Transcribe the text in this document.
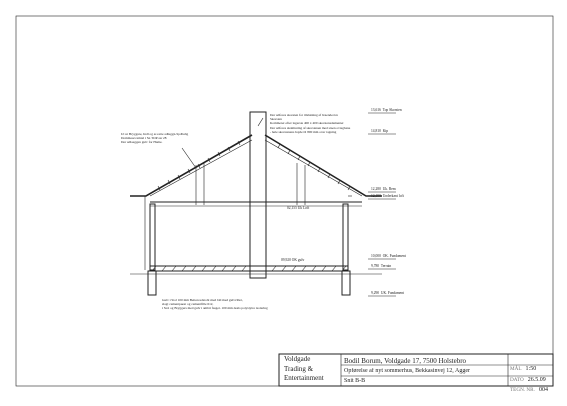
Ut ur Bryggare, Indl og ar-rette adluggn-Spdbabg
Dommauccamtel i Sn TOP-tar 28
Der udlaeggen gulv for Hame.
Der udfores skorsten for tilslutning af braendeovn
Skorsten
Kommerer efter lagerste 400 x 400 skorstensdementer
Der udfores skalmuring af skorstenen med staen ovtegbane
- hele skorstenens hojde til 800 mm over tagning
Gulv i Stol 100 mm Betten udstobt med bld med gulvvillet,
slagt cementpuest og cementfille 612,
i Stol og Bryggers med gulv i ambri fasget. 100 mm deals polystytre isolering
02,155 Uk Loft
09,920 OK gulv
13,616 Top Skorsten
14,810 Kip
12,280 Uk. Rem
12,190 Underkant loft
10,000 OK. Fundament
9,780 Terrain
9,290 UK. Fundament
Voldgade
Trading &
Entertainment
Bodil Borum, Voldgade 17, 7500 Holstebro
Opførelse af nyt sommerhus, Bekkasinvej 12, Agger
Snit B-B
MÅL 1:50
DATO 26.5.09
TEGN. NR. 004
